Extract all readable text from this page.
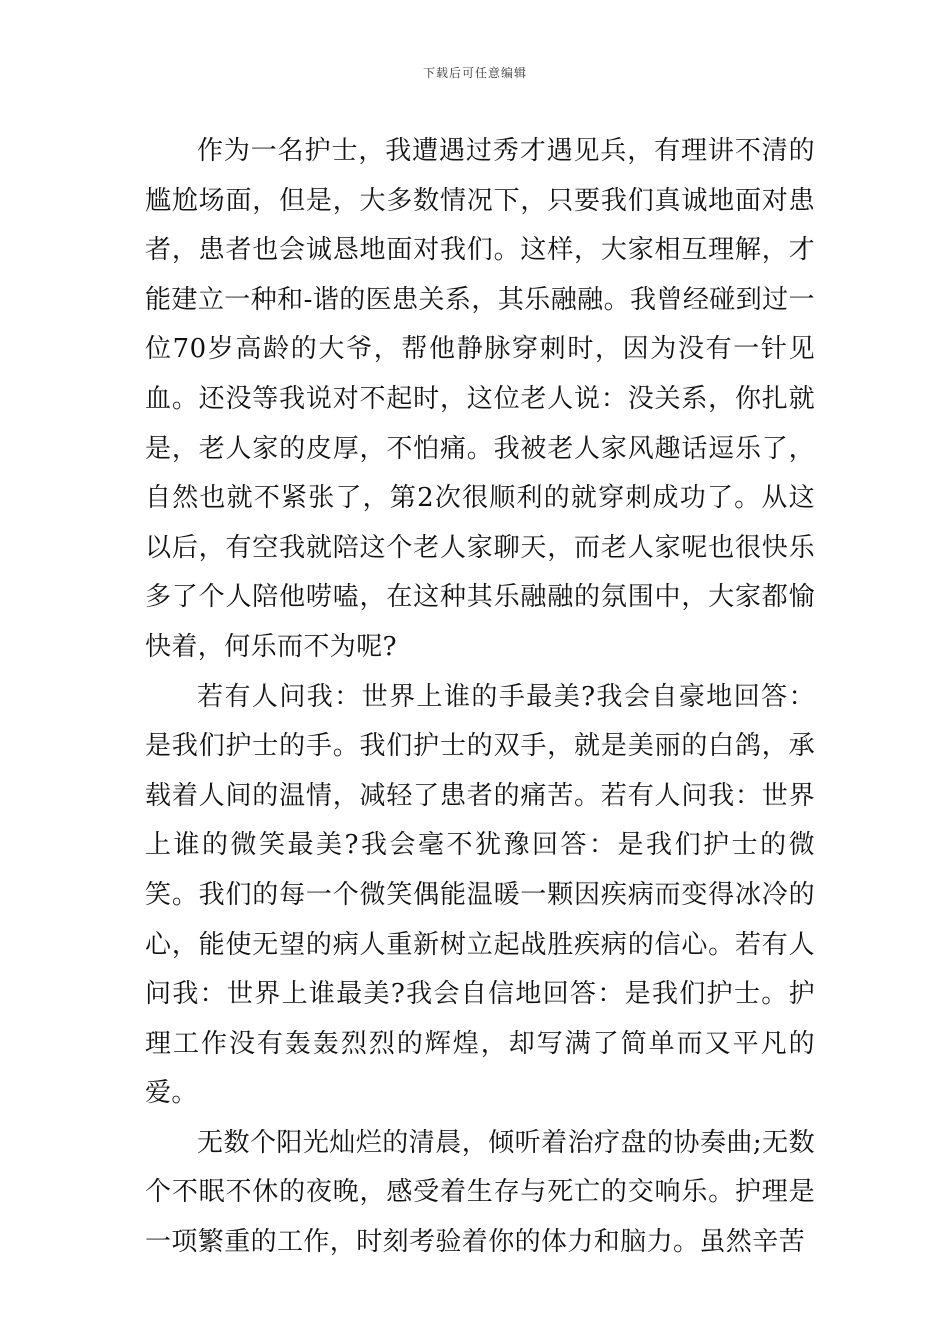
下载后可任意编辑

作为一名护士，我遭遇过秀才遇见兵，有理讲不清的尴尬场面，但是，大多数情况下，只要我们真诚地面对患者，患者也会诚恳地面对我们。这样，大家相互理解，才能建立一种和-谐的医患关系，其乐融融。我曾经碰到过一位70岁高龄的大爷，帮他静脉穿刺时，因为没有一针见血。还没等我说对不起时，这位老人说：没关系，你扎就是，老人家的皮厚，不怕痛。我被老人家风趣话逗乐了，自然也就不紧张了，第2次很顺利的就穿刺成功了。从这以后，有空我就陪这个老人家聊天，而老人家呢也很快乐多了个人陪他唠嗑，在这种其乐融融的氛围中，大家都愉快着，何乐而不为呢?

若有人问我：世界上谁的手最美?我会自豪地回答：是我们护士的手。我们护士的双手，就是美丽的白鸽，承载着人间的温情，减轻了患者的痛苦。若有人问我：世界上谁的微笑最美?我会毫不犹豫回答：是我们护士的微笑。我们的每一个微笑偶能温暖一颗因疾病而变得冰冷的心，能使无望的病人重新树立起战胜疾病的信心。若有人问我：世界上谁最美?我会自信地回答：是我们护士。护理工作没有轰轰烈烈的辉煌，却写满了简单而又平凡的爱。

无数个阳光灿烂的清晨，倾听着治疗盘的协奏曲;无数个不眠不休的夜晚，感受着生存与死亡的交响乐。护理是一项繁重的工作，时刻考验着你的体力和脑力。虽然辛苦
